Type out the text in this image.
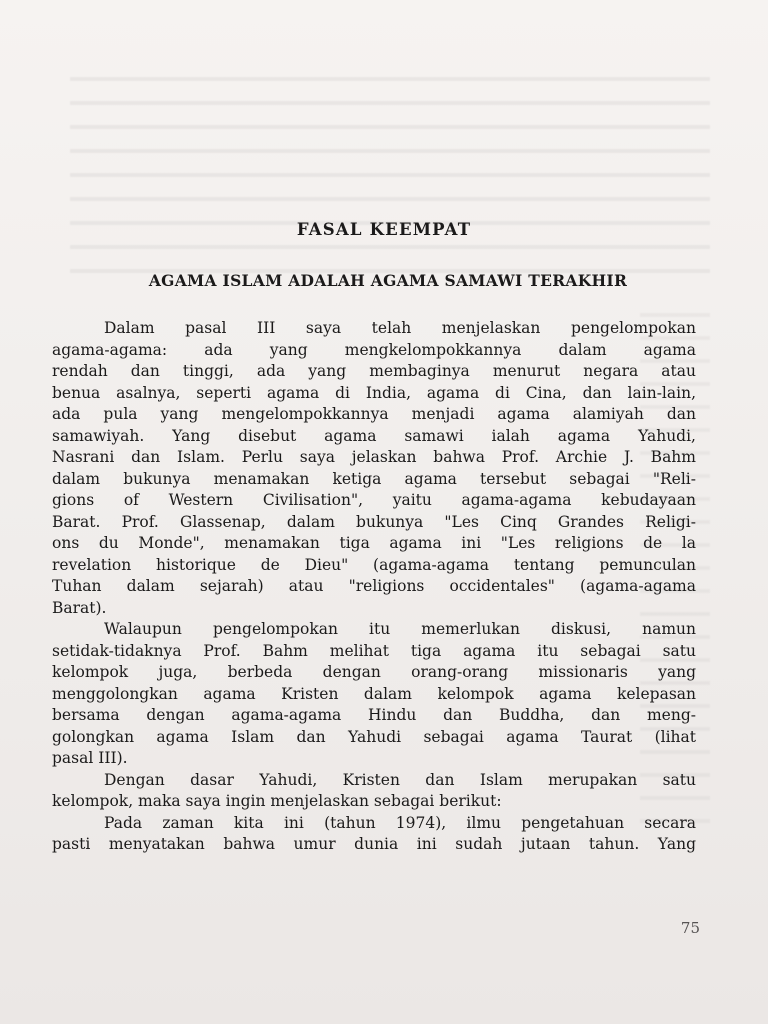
FASAL KEEMPAT
AGAMA ISLAM ADALAH AGAMA SAMAWI TERAKHIR

Dalam pasal III saya telah menjelaskan pengelompokan
agama-agama: ada yang mengkelompokkannya dalam agama
rendah dan tinggi, ada yang membaginya menurut negara atau
benua asalnya, seperti agama di India, agama di Cina, dan lain-lain,
ada pula yang mengelompokkannya menjadi agama alamiyah dan
samawiyah. Yang disebut agama samawi ialah agama Yahudi,
Nasrani dan Islam. Perlu saya jelaskan bahwa Prof. Archie J. Bahm
dalam bukunya menamakan ketiga agama tersebut sebagai "Reli-
gions of Western Civilisation", yaitu agama-agama kebudayaan
Barat. Prof. Glassenap, dalam bukunya "Les Cinq Grandes Religi-
ons du Monde", menamakan tiga agama ini "Les religions de la
revelation historique de Dieu" (agama-agama tentang pemunculan
Tuhan dalam sejarah) atau "religions occidentales" (agama-agama
Barat).

Walaupun pengelompokan itu memerlukan diskusi, namun
setidak-tidaknya Prof. Bahm melihat tiga agama itu sebagai satu
kelompok juga, berbeda dengan orang-orang missionaris yang
menggolongkan agama Kristen dalam kelompok agama kelepasan
bersama dengan agama-agama Hindu dan Buddha, dan meng-
golongkan agama Islam dan Yahudi sebagai agama Taurat (lihat
pasal III).

Dengan dasar Yahudi, Kristen dan Islam merupakan satu
kelompok, maka saya ingin menjelaskan sebagai berikut:

Pada zaman kita ini (tahun 1974), ilmu pengetahuan secara
pasti menyatakan bahwa umur dunia ini sudah jutaan tahun. Yang

75
